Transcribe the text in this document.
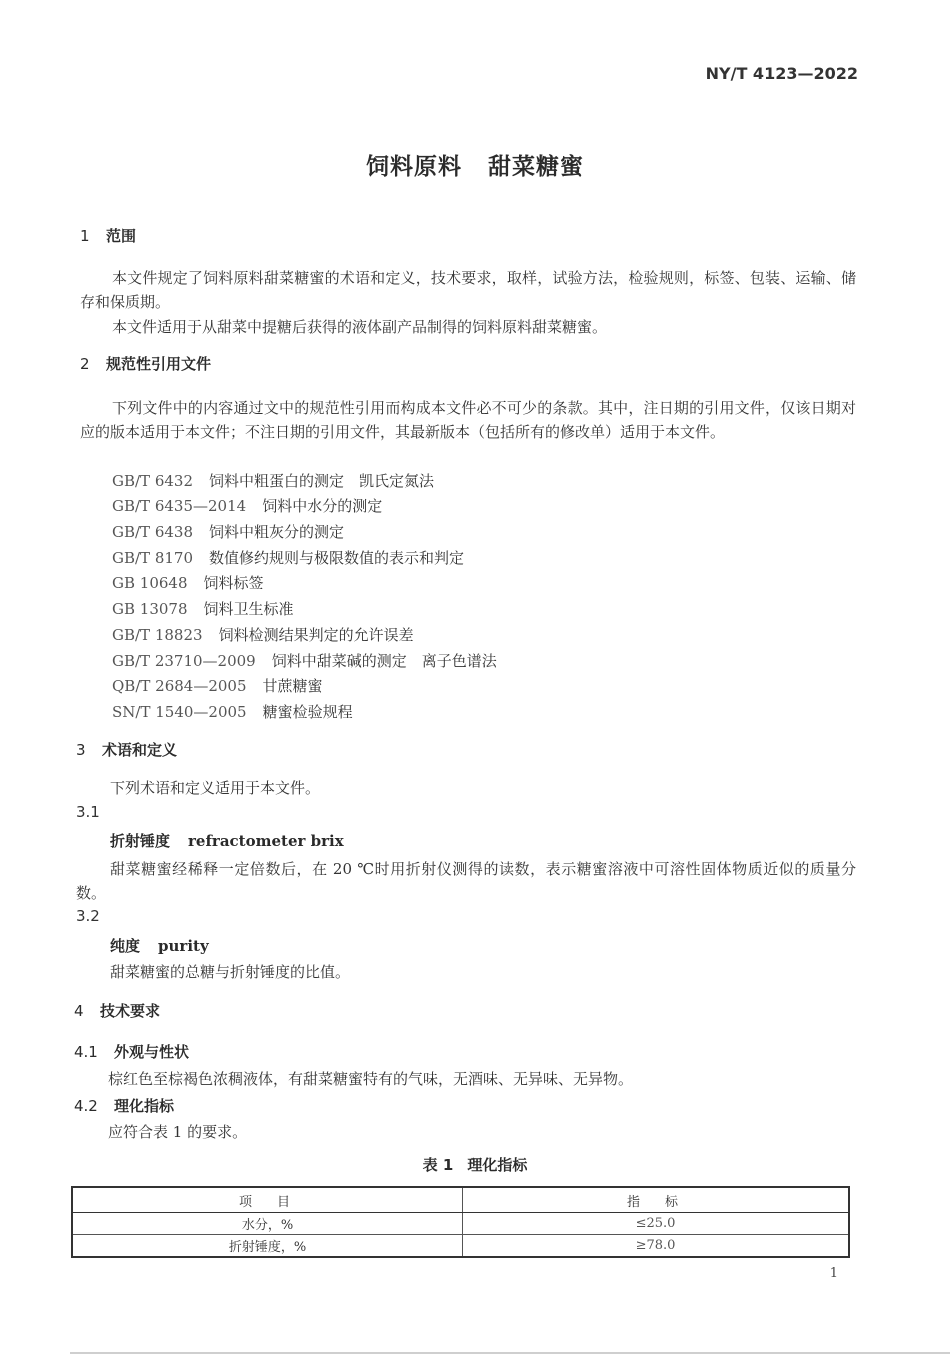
NY/T 4123—2022
饲料原料 甜菜糖蜜
1 范围
本文件规定了饲料原料甜菜糖蜜的术语和定义，技术要求，取样，试验方法，检验规则，标签、包装、运输、储存和保质期。
本文件适用于从甜菜中提糖后获得的液体副产品制得的饲料原料甜菜糖蜜。
2 规范性引用文件
下列文件中的内容通过文中的规范性引用而构成本文件必不可少的条款。其中，注日期的引用文件，仅该日期对应的版本适用于本文件；不注日期的引用文件，其最新版本（包括所有的修改单）适用于本文件。
GB/T 6432 饲料中粗蛋白的测定　凯氏定氮法
GB/T 6435—2014 饲料中水分的测定
GB/T 6438 饲料中粗灰分的测定
GB/T 8170 数值修约规则与极限数值的表示和判定
GB 10648 饲料标签
GB 13078 饲料卫生标准
GB/T 18823 饲料检测结果判定的允许误差
GB/T 23710—2009 饲料中甜菜碱的测定　离子色谱法
QB/T 2684—2005 甘蔗糖蜜
SN/T 1540—2005 糖蜜检验规程
3 术语和定义
下列术语和定义适用于本文件。
3.1
折射锤度 refractometer brix
甜菜糖蜜经稀释一定倍数后，在 20 ℃时用折射仪测得的读数，表示糖蜜溶液中可溶性固体物质近似的质量分数。
3.2
纯度 purity
甜菜糖蜜的总糖与折射锤度的比值。
4 技术要求
4.1 外观与性状
棕红色至棕褐色浓稠液体，有甜菜糖蜜特有的气味，无酒味、无异味、无异物。
4.2 理化指标
应符合表 1 的要求。
表 1 理化指标
项　目	指　标
水分，%	≤25.0
折射锤度，%	≥78.0
1
